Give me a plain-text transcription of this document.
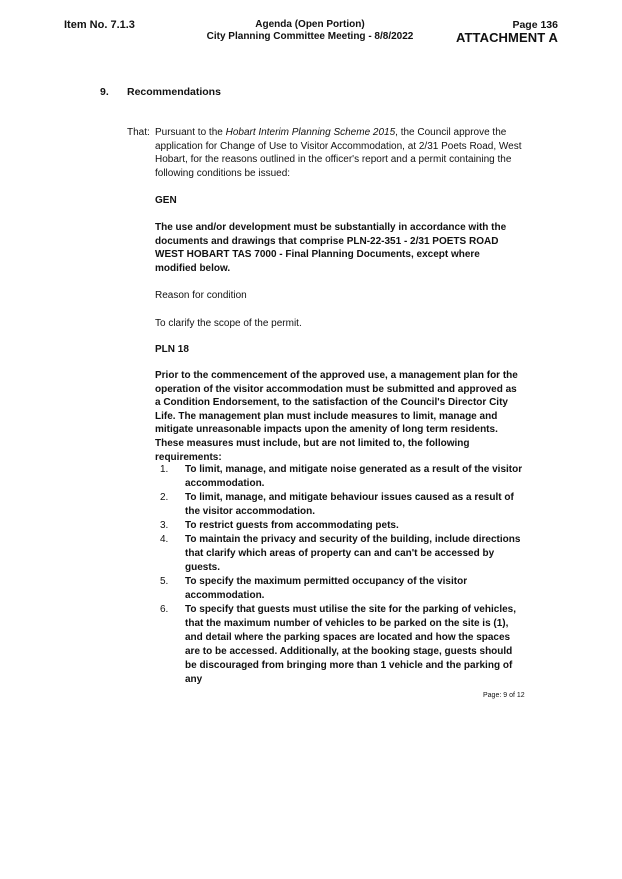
Item No. 7.1.3	Agenda (Open Portion)
City Planning Committee Meeting - 8/8/2022
Page 136
ATTACHMENT A
9. Recommendations
That: Pursuant to the Hobart Interim Planning Scheme 2015, the Council approve the application for Change of Use to Visitor Accommodation, at 2/31 Poets Road, West Hobart, for the reasons outlined in the officer's report and a permit containing the following conditions be issued:
GEN
The use and/or development must be substantially in accordance with the documents and drawings that comprise PLN-22-351 - 2/31 POETS ROAD WEST HOBART TAS 7000 - Final Planning Documents, except where modified below.
Reason for condition
To clarify the scope of the permit.
PLN 18
Prior to the commencement of the approved use, a management plan for the operation of the visitor accommodation must be submitted and approved as a Condition Endorsement, to the satisfaction of the Council's Director City Life. The management plan must include measures to limit, manage and mitigate unreasonable impacts upon the amenity of long term residents. These measures must include, but are not limited to, the following requirements:
1.	To limit, manage, and mitigate noise generated as a result of the visitor accommodation.
2.	To limit, manage, and mitigate behaviour issues caused as a result of the visitor accommodation.
3.	To restrict guests from accommodating pets.
4.	To maintain the privacy and security of the building, include directions that clarify which areas of property can and can't be accessed by guests.
5.	To specify the maximum permitted occupancy of the visitor accommodation.
6.	To specify that guests must utilise the site for the parking of vehicles, that the maximum number of vehicles to be parked on the site is (1), and detail where the parking spaces are located and how the spaces are to be accessed. Additionally, at the booking stage, guests should be discouraged from bringing more than 1 vehicle and the parking of any
Page: 9 of 12
